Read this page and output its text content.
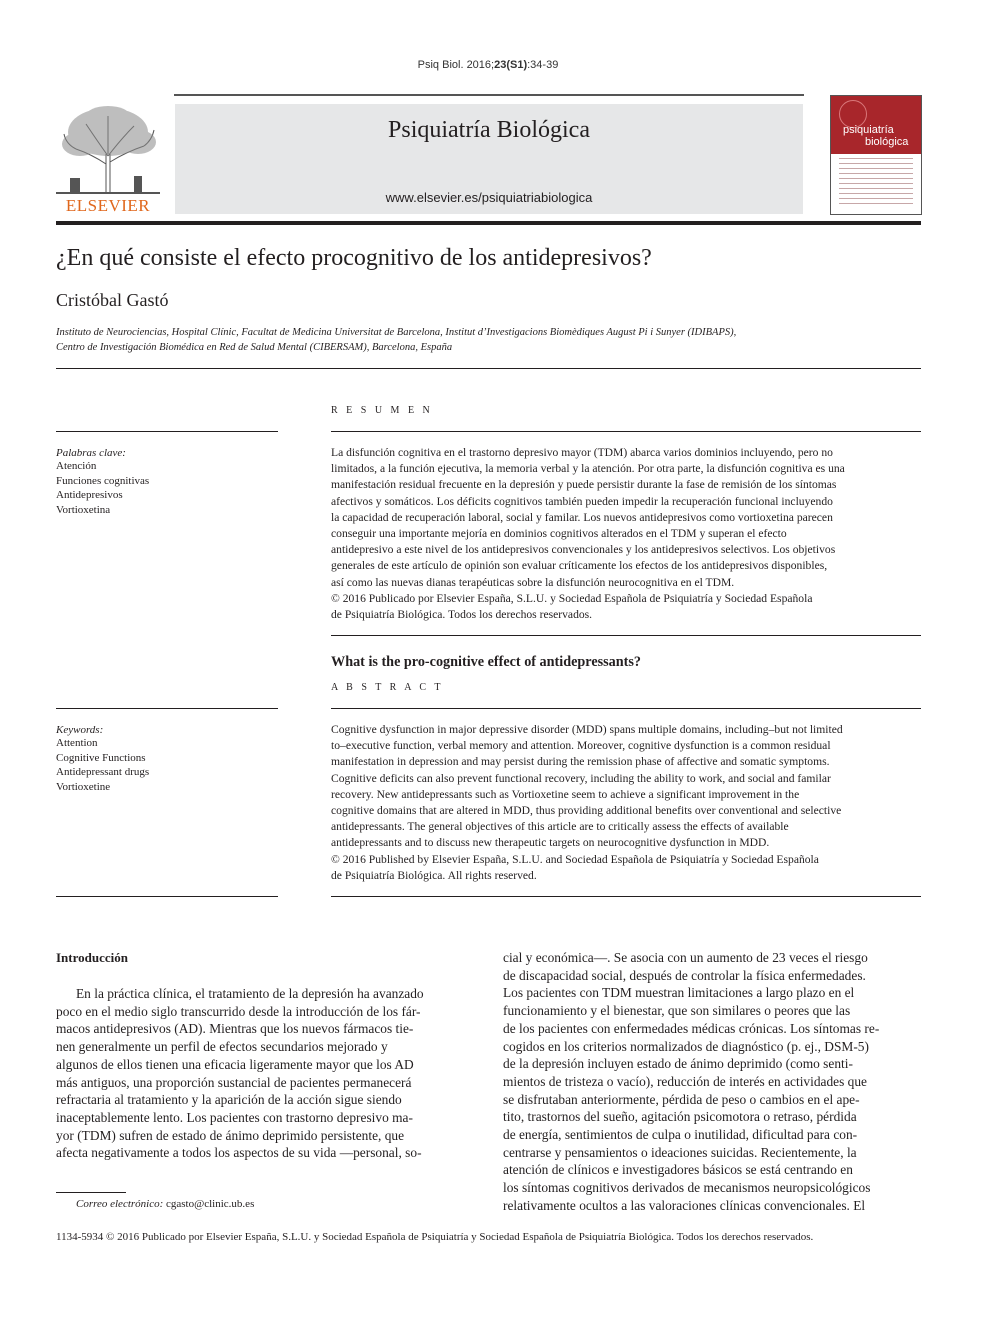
Psiq Biol. 2016;23(S1):34-39
ELSEVIER
Psiquiatría Biológica
www.elsevier.es/psiquiatriabiologica
psiquiatría
biológica
¿En qué consiste el efecto procognitivo de los antidepresivos?
Cristóbal Gastó
Instituto de Neurociencias, Hospital Clínic, Facultat de Medicina Universitat de Barcelona, Institut d’Investigacions Biomèdiques August Pi i Sunyer (IDIBAPS),
Centro de Investigación Biomédica en Red de Salud Mental (CIBERSAM), Barcelona, España
R E S U M E N
Palabras clave:
Atención
Funciones cognitivas
Antidepresivos
Vortioxetina
La disfunción cognitiva en el trastorno depresivo mayor (TDM) abarca varios dominios incluyendo, pero no
limitados, a la función ejecutiva, la memoria verbal y la atención. Por otra parte, la disfunción cognitiva es una
manifestación residual frecuente en la depresión y puede persistir durante la fase de remisión de los síntomas
afectivos y somáticos. Los déficits cognitivos también pueden impedir la recuperación funcional incluyendo
la capacidad de recuperación laboral, social y familar. Los nuevos antidepresivos como vortioxetina parecen
conseguir una importante mejoría en dominios cognitivos alterados en el TDM y superan el efecto
antidepresivo a este nivel de los antidepresivos convencionales y los antidepresivos selectivos. Los objetivos
generales de este artículo de opinión son evaluar críticamente los efectos de los antidepresivos disponibles,
así como las nuevas dianas terapéuticas sobre la disfunción neurocognitiva en el TDM.
© 2016 Publicado por Elsevier España, S.L.U. y Sociedad Española de Psiquiatría y Sociedad Española
de Psiquiatría Biológica. Todos los derechos reservados.
What is the pro-cognitive effect of antidepressants?
A B S T R A C T
Keywords:
Attention
Cognitive Functions
Antidepressant drugs
Vortioxetine
Cognitive dysfunction in major depressive disorder (MDD) spans multiple domains, including–but not limited
to–executive function, verbal memory and attention. Moreover, cognitive dysfunction is a common residual
manifestation in depression and may persist during the remission phase of affective and somatic symptoms.
Cognitive deficits can also prevent functional recovery, including the ability to work, and social and familar
recovery. New antidepressants such as Vortioxetine seem to achieve a significant improvement in the
cognitive domains that are altered in MDD, thus providing additional benefits over conventional and selective
antidepressants. The general objectives of this article are to critically assess the effects of available
antidepressants and to discuss new therapeutic targets on neurocognitive dysfunction in MDD.
© 2016 Published by Elsevier España, S.L.U. and Sociedad Española de Psiquiatría y Sociedad Española
de Psiquiatría Biológica. All rights reserved.
Introducción
En la práctica clínica, el tratamiento de la depresión ha avanzado
poco en el medio siglo transcurrido desde la introducción de los fár-
macos antidepresivos (AD). Mientras que los nuevos fármacos tie-
nen generalmente un perfil de efectos secundarios mejorado y
algunos de ellos tienen una eficacia ligeramente mayor que los AD
más antiguos, una proporción sustancial de pacientes permanecerá
refractaria al tratamiento y la aparición de la acción sigue siendo
inaceptablemente lento. Los pacientes con trastorno depresivo ma-
yor (TDM) sufren de estado de ánimo deprimido persistente, que
afecta negativamente a todos los aspectos de su vida —personal, so-
cial y económica—. Se asocia con un aumento de 23 veces el riesgo
de discapacidad social, después de controlar la física enfermedades.
Los pacientes con TDM muestran limitaciones a largo plazo en el
funcionamiento y el bienestar, que son similares o peores que las
de los pacientes con enfermedades médicas crónicas. Los síntomas re-
cogidos en los criterios normalizados de diagnóstico (p. ej., DSM-5)
de la depresión incluyen estado de ánimo deprimido (como senti-
mientos de tristeza o vacío), reducción de interés en actividades que
se disfrutaban anteriormente, pérdida de peso o cambios en el ape-
tito, trastornos del sueño, agitación psicomotora o retraso, pérdida
de energía, sentimientos de culpa o inutilidad, dificultad para con-
centrarse y pensamientos o ideaciones suicidas. Recientemente, la
atención de clínicos e investigadores básicos se está centrando en
los síntomas cognitivos derivados de mecanismos neuropsicológicos
relativamente ocultos a las valoraciones clínicas convencionales. El
Correo electrónico: cgasto@clinic.ub.es
1134-5934 © 2016 Publicado por Elsevier España, S.L.U. y Sociedad Española de Psiquiatría y Sociedad Española de Psiquiatría Biológica. Todos los derechos reservados.
